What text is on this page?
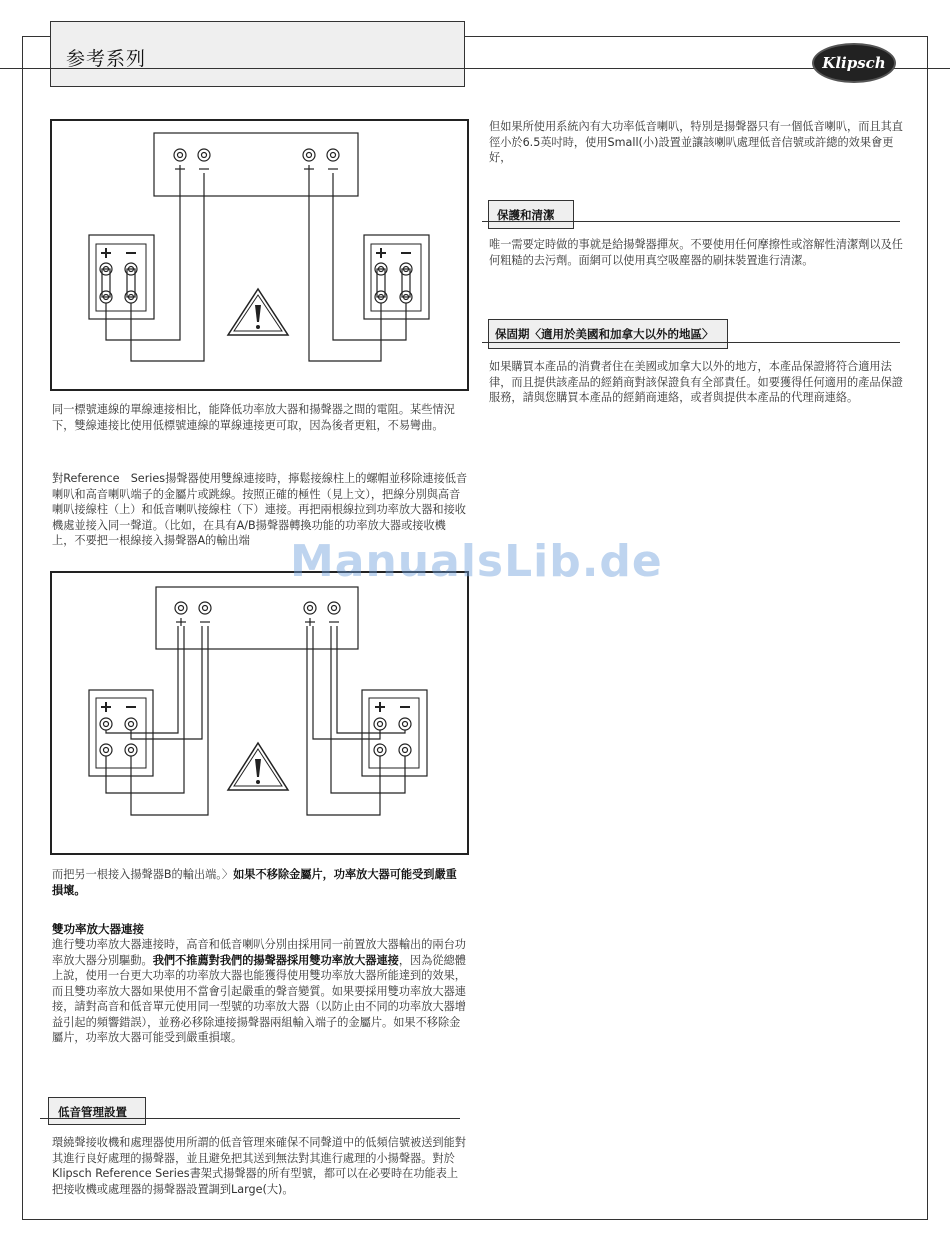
参考系列	Klipsch

同一標號連線的單線連接相比，能降低功率放大器和揚聲器之間的電阻。某些情況下，雙線連接比使用低標號連線的單線連接更可取，因為後者更粗，不易彎曲。

對Reference　Series揚聲器使用雙線連接時，擰鬆接線柱上的螺帽並移除連接低音喇叭和高音喇叭端子的金屬片或跳線。按照正確的極性（見上文），把線分別與高音喇叭接線柱（上）和低音喇叭接線柱（下）連接。再把兩根線拉到功率放大器和接收機處並接入同一聲道。（比如，在具有A/B揚聲器轉換功能的功率放大器或接收機上，不要把一根線接入揚聲器A的輸出端

而把另一根接入揚聲器B的輸出端。〉如果不移除金屬片，功率放大器可能受到嚴重損壞。

雙功率放大器連接

進行雙功率放大器連接時，高音和低音喇叭分別由採用同一前置放大器輸出的兩台功率放大器分別驅動。我們不推薦對我們的揚聲器採用雙功率放大器連接，因為從總體上說，使用一台更大功率的功率放大器也能獲得使用雙功率放大器所能達到的效果，而且雙功率放大器如果使用不當會引起嚴重的聲音變質。如果要採用雙功率放大器連接，請對高音和低音單元使用同一型號的功率放大器（以防止由不同的功率放大器增益引起的頻響錯誤），並務必移除連接揚聲器兩組輸入端子的金屬片。如果不移除金屬片，功率放大器可能受到嚴重損壞。

低音管理設置

環繞聲接收機和處理器使用所謂的低音管理來確保不同聲道中的低頻信號被送到能對其進行良好處理的揚聲器，並且避免把其送到無法對其進行處理的小揚聲器。對於Klipsch Reference Series書架式揚聲器的所有型號，都可以在必要時在功能表上把接收機或處理器的揚聲器設置調到Large(大)。

但如果所使用系統內有大功率低音喇叭，特別是揚聲器只有一個低音喇叭，而且其直徑小於6.5英吋時，使用Small(小)設置並讓該喇叭處理低音信號或許總的效果會更好，

保護和清潔

唯一需要定時做的事就是給揚聲器撣灰。不要使用任何摩擦性或溶解性清潔劑以及任何粗糙的去污劑。面網可以使用真空吸塵器的刷抹裝置進行清潔。

保固期〈適用於美國和加拿大以外的地區〉

如果購買本產品的消費者住在美國或加拿大以外的地方，本產品保證將符合適用法律，而且提供該產品的經銷商對該保證負有全部責任。如要獲得任何適用的產品保證服務，請與您購買本產品的經銷商連絡，或者與提供本產品的代理商連絡。

ManualsLib.de
